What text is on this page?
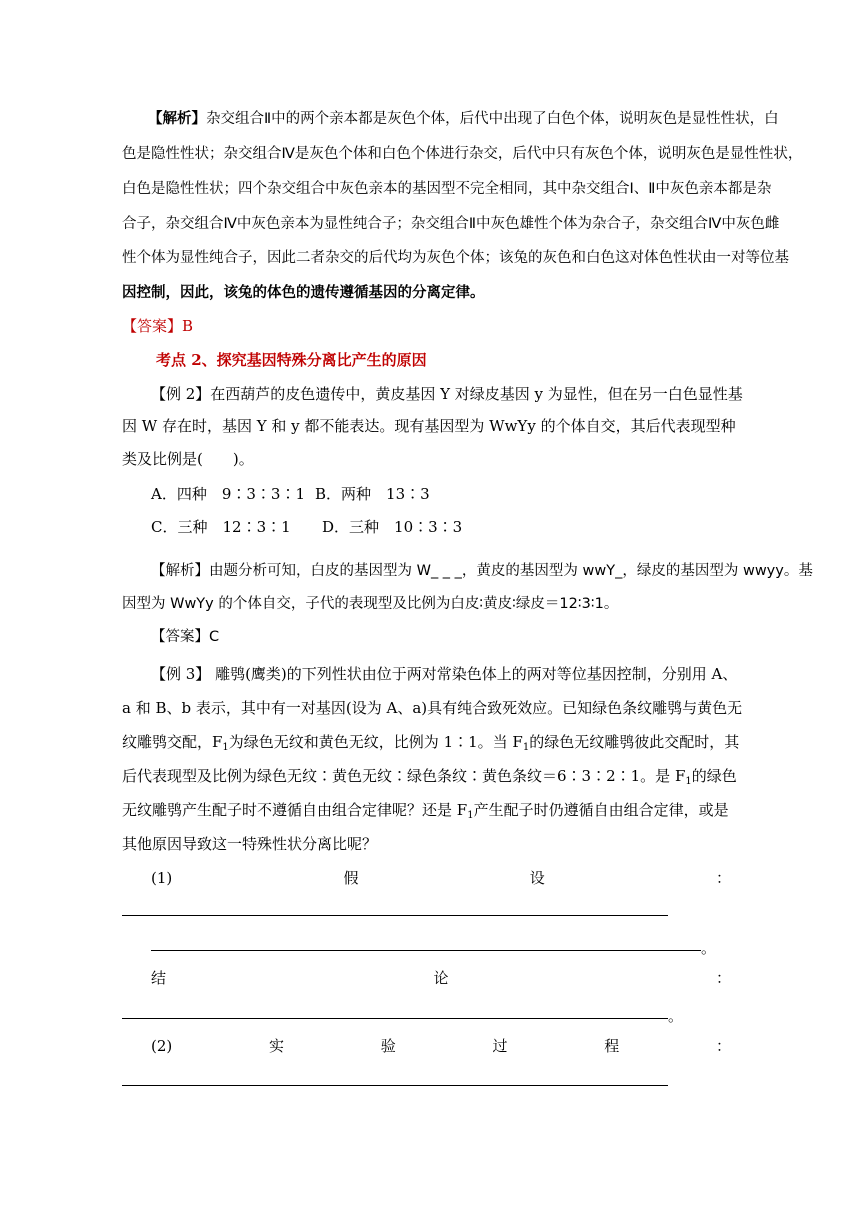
【解析】杂交组合Ⅱ中的两个亲本都是灰色个体，后代中出现了白色个体，说明灰色是显性性状，白
色是隐性性状；杂交组合Ⅳ是灰色个体和白色个体进行杂交，后代中只有灰色个体，说明灰色是显性性状，
白色是隐性性状；四个杂交组合中灰色亲本的基因型不完全相同，其中杂交组合Ⅰ、Ⅱ中灰色亲本都是杂
合子，杂交组合Ⅳ中灰色亲本为显性纯合子；杂交组合Ⅱ中灰色雄性个体为杂合子，杂交组合Ⅳ中灰色雌
性个体为显性纯合子，因此二者杂交的后代均为灰色个体；该兔的灰色和白色这对体色性状由一对等位基
因控制，因此，该兔的体色的遗传遵循基因的分离定律。
【答案】B
考点 2、探究基因特殊分离比产生的原因
【例 2】在西葫芦的皮色遗传中，黄皮基因 Y 对绿皮基因 y 为显性，但在另一白色显性基
因 W 存在时，基因 Y 和 y 都不能表达。现有基因型为 WwYy 的个体自交，其后代表现型种
类及比例是(　　)。
A．四种　9∶3∶3∶1 B．两种　13∶3
C．三种　12∶3∶1 D．三种　10∶3∶3
【解析】由题分析可知，白皮的基因型为 W_ _ _，黄皮的基因型为 wwY_，绿皮的基因型为 wwyy。基
因型为 WwYy 的个体自交，子代的表现型及比例为白皮∶黄皮∶绿皮＝12∶3∶1。
【答案】C
【例 3】 雕鸮(鹰类)的下列性状由位于两对常染色体上的两对等位基因控制，分别用 A、
a 和 B、b 表示，其中有一对基因(设为 A、a)具有纯合致死效应。已知绿色条纹雕鸮与黄色无
纹雕鸮交配，$F_1$为绿色无纹和黄色无纹，比例为 1∶1。当 $F_1$的绿色无纹雕鸮彼此交配时，其
后代表现型及比例为绿色无纹∶黄色无纹∶绿色条纹∶黄色条纹＝6∶3∶2∶1。是 $F_1$的绿色
无纹雕鸮产生配子时不遵循自由组合定律呢？还是 $F_1$产生配子时仍遵循自由组合定律，或是
其他原因导致这一特殊性状分离比呢？
(1)	假	设	：
。
结	论	：
。
(2)	实	验	过	程	：
